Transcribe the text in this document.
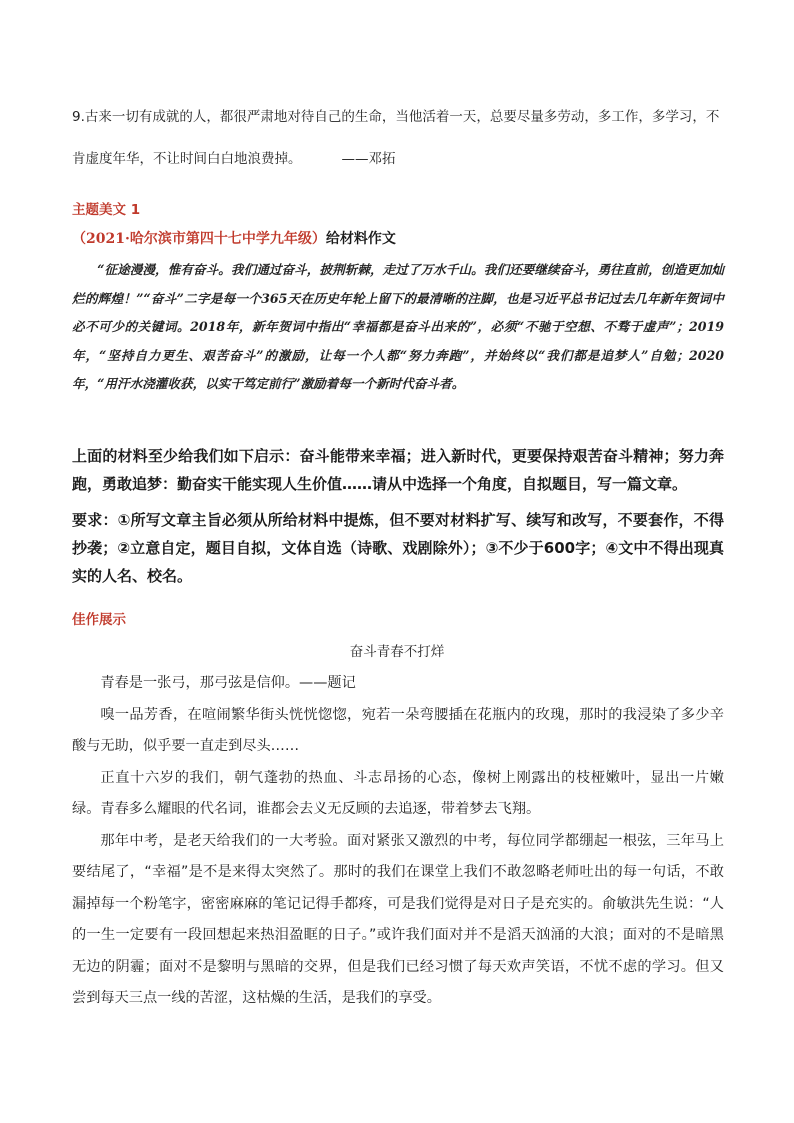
9.古来一切有成就的人，都很严肃地对待自己的生命，当他活着一天，总要尽量多劳动，多工作，多学习，不肯虚度年华，不让时间白白地浪费掉。	——邓拓
主题美文 1
（2021·哈尔滨市第四十七中学九年级）给材料作文
“征途漫漫，惟有奋斗。我们通过奋斗，披荆斩棘，走过了万水千山。我们还要继续奋斗，勇往直前，创造更加灿烂的辉煌！”“奋斗”二字是每一个365天在历史年轮上留下的最清晰的注脚，也是习近平总书记过去几年新年贺词中必不可少的关键词。2018年，新年贺词中指出“幸福都是奋斗出来的”，必须“不驰于空想、不骛于虚声”；2019年，“坚持自力更生、艰苦奋斗”的激励，让每一个人都“努力奔跑”，并始终以“我们都是追梦人”自勉；2020年，“用汗水浇灌收获，以实干笃定前行”激励着每一个新时代奋斗者。
上面的材料至少给我们如下启示：奋斗能带来幸福；进入新时代，更要保持艰苦奋斗精神；努力奔跑，勇敢追梦：勤奋实干能实现人生价值……请从中选择一个角度，自拟题目，写一篇文章。
要求：①所写文章主旨必须从所给材料中提炼，但不要对材料扩写、续写和改写，不要套作，不得抄袭；②立意自定，题目自拟，文体自选（诗歌、戏剧除外）；③不少于600字；④文中不得出现真实的人名、校名。
佳作展示
奋斗青春不打烊

青春是一张弓，那弓弦是信仰。——题记

嗅一品芳香，在喧闹繁华街头恍恍惚惚，宛若一朵弯腰插在花瓶内的玫瑰，那时的我浸染了多少辛酸与无助，似乎要一直走到尽头……

正直十六岁的我们，朝气蓬勃的热血、斗志昂扬的心态，像树上刚露出的枝桠嫩叶，显出一片嫩绿。青春多么耀眼的代名词，谁都会去义无反顾的去追逐，带着梦去飞翔。

那年中考，是老天给我们的一大考验。面对紧张又激烈的中考，每位同学都绷起一根弦，三年马上要结尾了，“幸福”是不是来得太突然了。那时的我们在课堂上我们不敢忽略老师吐出的每一句话，不敢漏掉每一个粉笔字，密密麻麻的笔记记得手都疼，可是我们觉得是对日子是充实的。俞敏洪先生说：“人的一生一定要有一段回想起来热泪盈眶的日子。”或许我们面对并不是滔天汹涌的大浪；面对的不是暗黑无边的阴霾；面对不是黎明与黑暗的交界，但是我们已经习惯了每天欢声笑语，不忧不虑的学习。但又尝到每天三点一线的苦涩，这枯燥的生活，是我们的享受。
